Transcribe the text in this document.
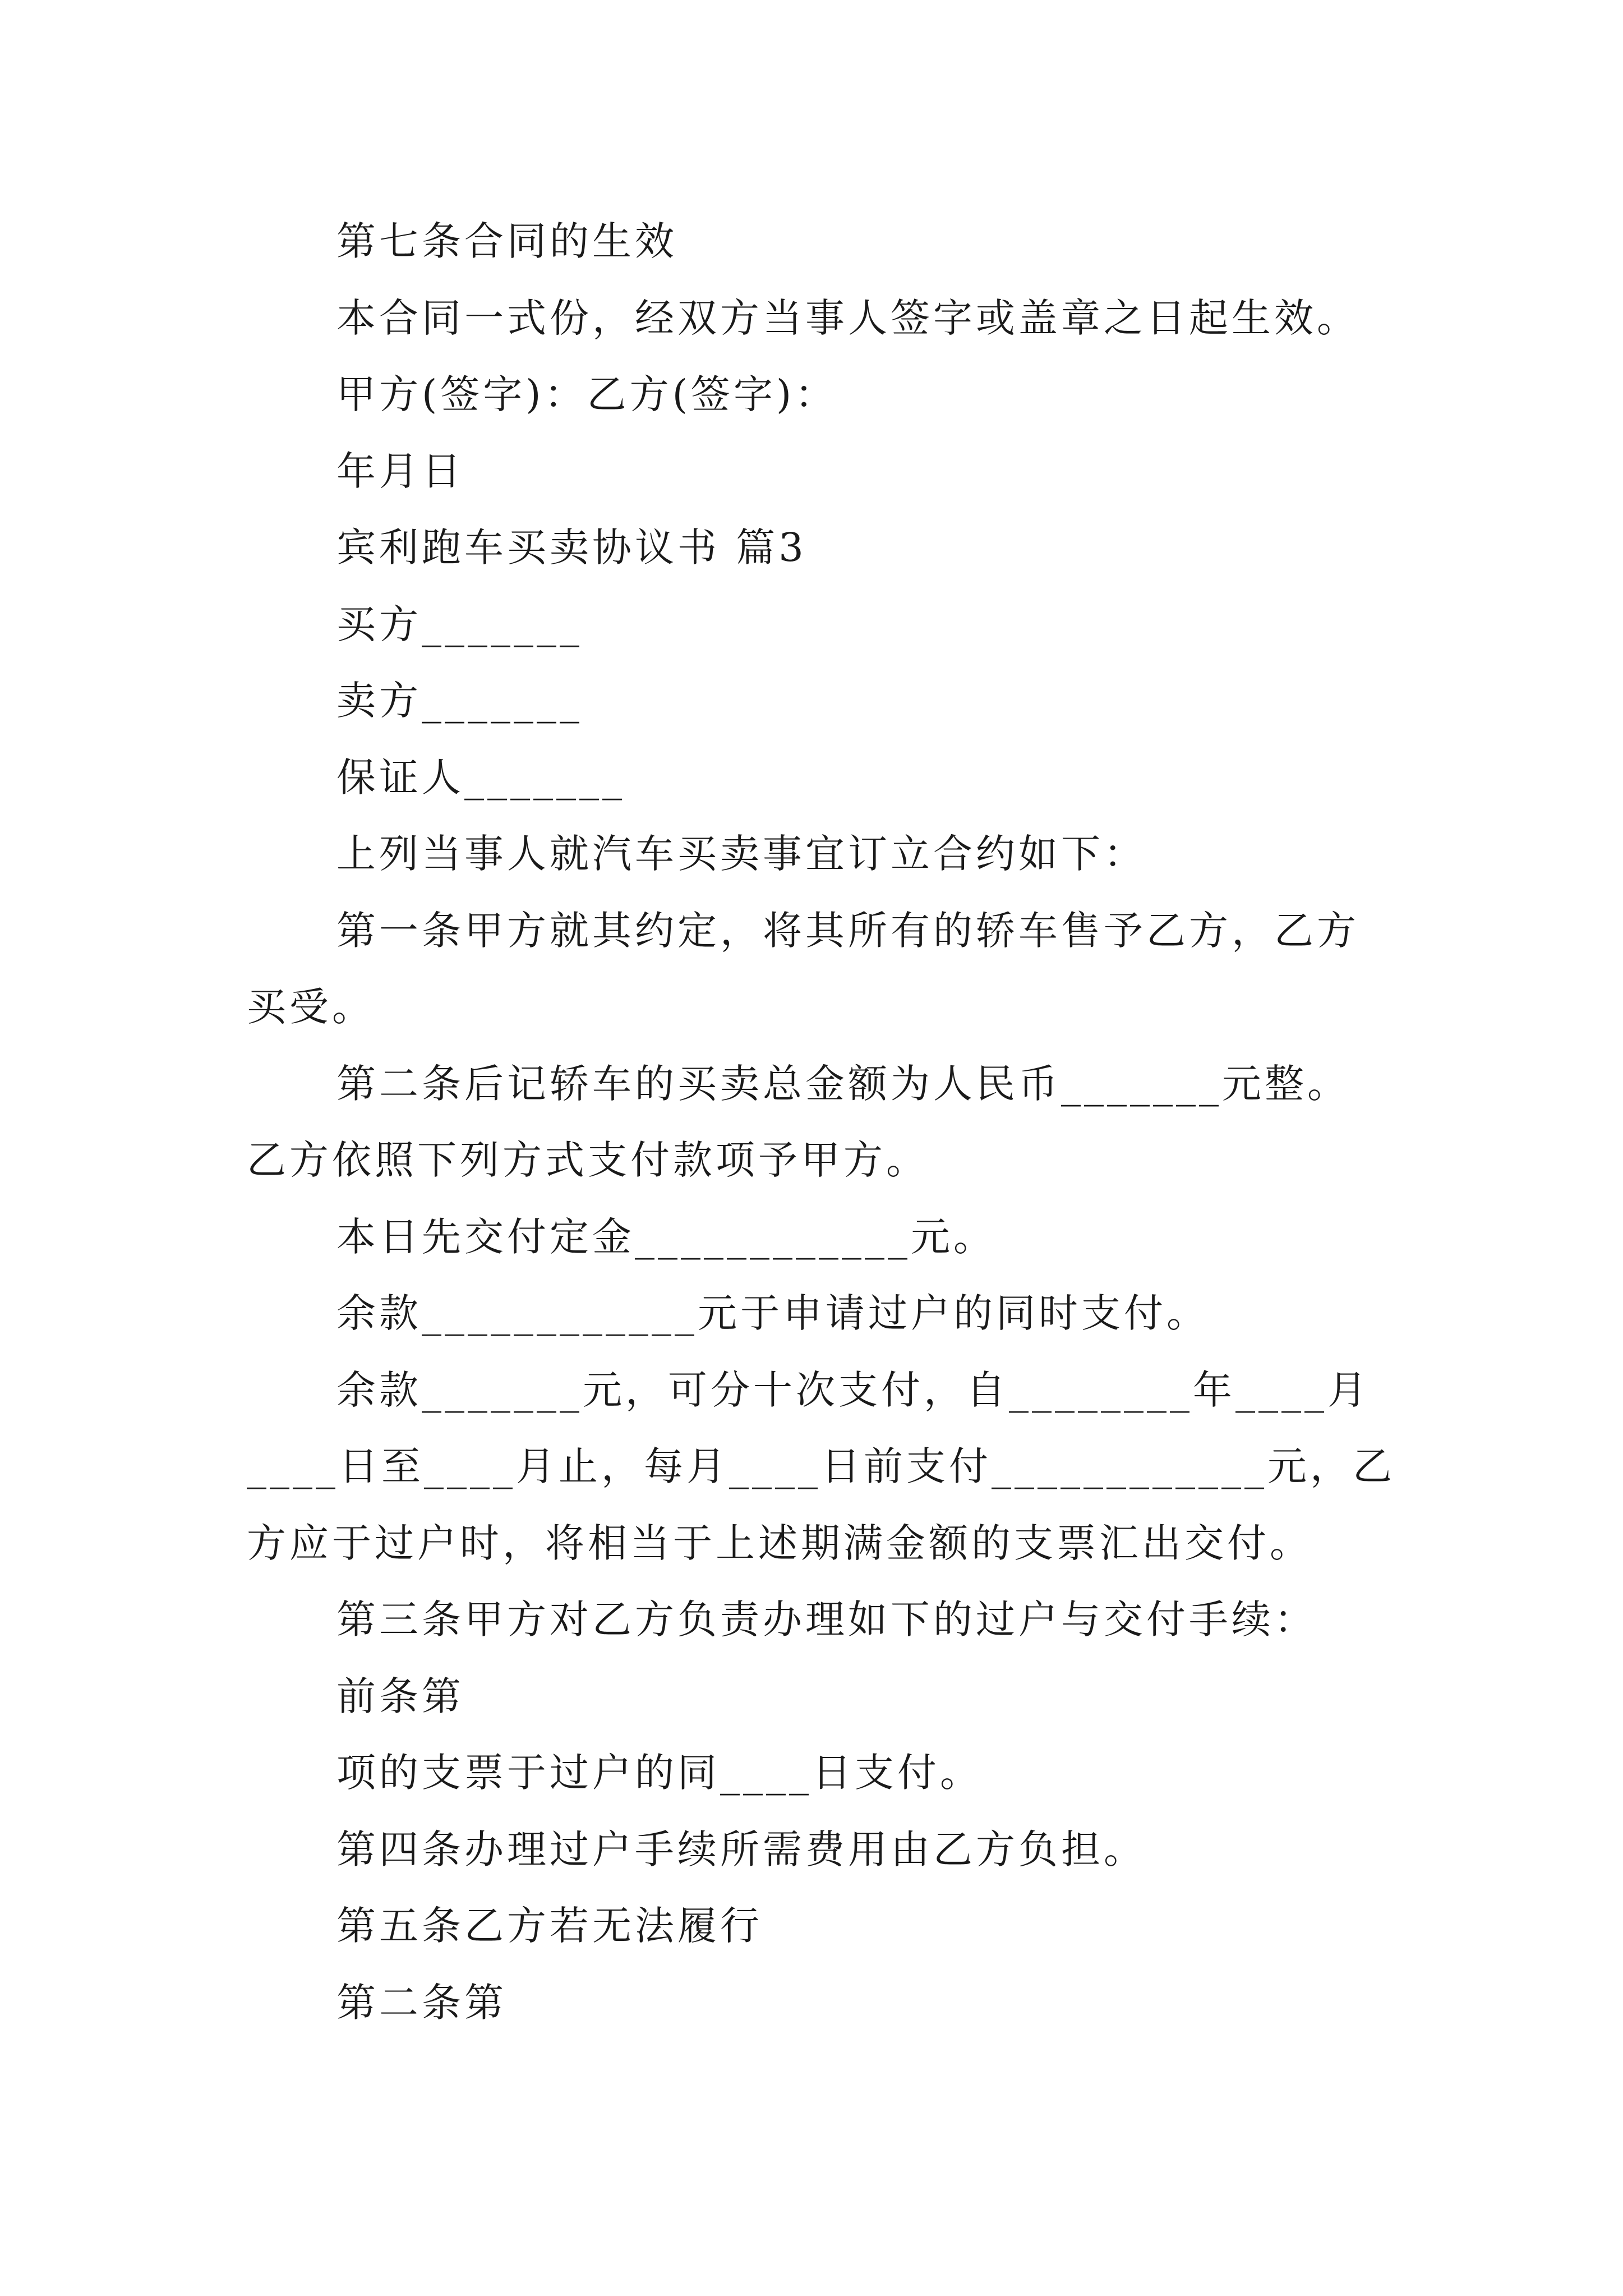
第七条合同的生效
本合同一式份，经双方当事人签字或盖章之日起生效。
甲方(签字)：乙方(签字)：
年月日
宾利跑车买卖协议书 篇3
买方_______
卖方_______
保证人_______
上列当事人就汽车买卖事宜订立合约如下：
第一条甲方就其约定，将其所有的轿车售予乙方，乙方
买受。
第二条后记轿车的买卖总金额为人民币_______元整。
乙方依照下列方式支付款项予甲方。
本日先交付定金____________元。
余款____________元于申请过户的同时支付。
余款_______元，可分十次支付，自________年____月
____日至____月止，每月____日前支付____________元，乙
方应于过户时，将相当于上述期满金额的支票汇出交付。
第三条甲方对乙方负责办理如下的过户与交付手续：
前条第
项的支票于过户的同____日支付。
第四条办理过户手续所需费用由乙方负担。
第五条乙方若无法履行
第二条第
